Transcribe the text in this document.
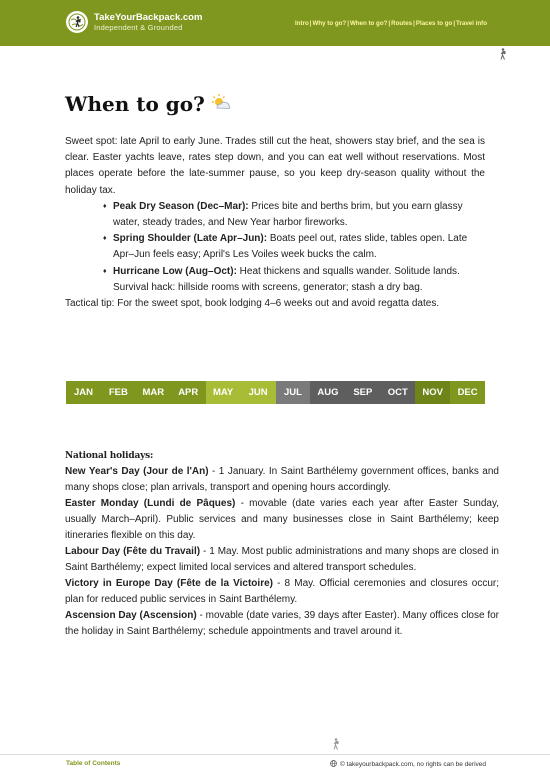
TakeYourBackpack.com
Independent & Grounded	Intro | Why to go? | When to go? | Routes | Places to go | Travel info
When to go?

Sweet spot: late April to early June. Trades still cut the heat, showers stay brief, and the sea is clear. Easter yachts leave, rates step down, and you can eat well without reservations. Most places operate before the late-summer pause, so you keep dry-season quality without the holiday tax.

♦ Peak Dry Season (Dec–Mar): Prices bite and berths brim, but you earn glassy water, steady trades, and New Year harbor fireworks.
♦ Spring Shoulder (Late Apr–Jun): Boats peel out, rates slide, tables open. Late Apr–Jun feels easy; April's Les Voiles week bucks the calm.
♦ Hurricane Low (Aug–Oct): Heat thickens and squalls wander. Solitude lands. Survival hack: hillside rooms with screens, generator; stash a dry bag.

Tactical tip: For the sweet spot, book lodging 4–6 weeks out and avoid regatta dates.

JAN	FEB	MAR	APR	MAY	JUN	JUL	AUG	SEP	OCT	NOV	DEC
National holidays:

New Year's Day (Jour de l'An) - 1 January. In Saint Barthélemy government offices, banks and many shops close; plan arrivals, transport and opening hours accordingly.

Easter Monday (Lundi de Pâques) - movable (date varies each year after Easter Sunday, usually March–April). Public services and many businesses close in Saint Barthélemy; keep itineraries flexible on this day.

Labour Day (Fête du Travail) - 1 May. Most public administrations and many shops are closed in Saint Barthélemy; expect limited local services and altered transport schedules.

Victory in Europe Day (Fête de la Victoire) - 8 May. Official ceremonies and closures occur; plan for reduced public services in Saint Barthélemy.

Ascension Day (Ascension) - movable (date varies, 39 days after Easter). Many offices close for the holiday in Saint Barthélemy; schedule appointments and travel around it.

Table of Contents	© takeyourbackpack.com, no rights can be derived
